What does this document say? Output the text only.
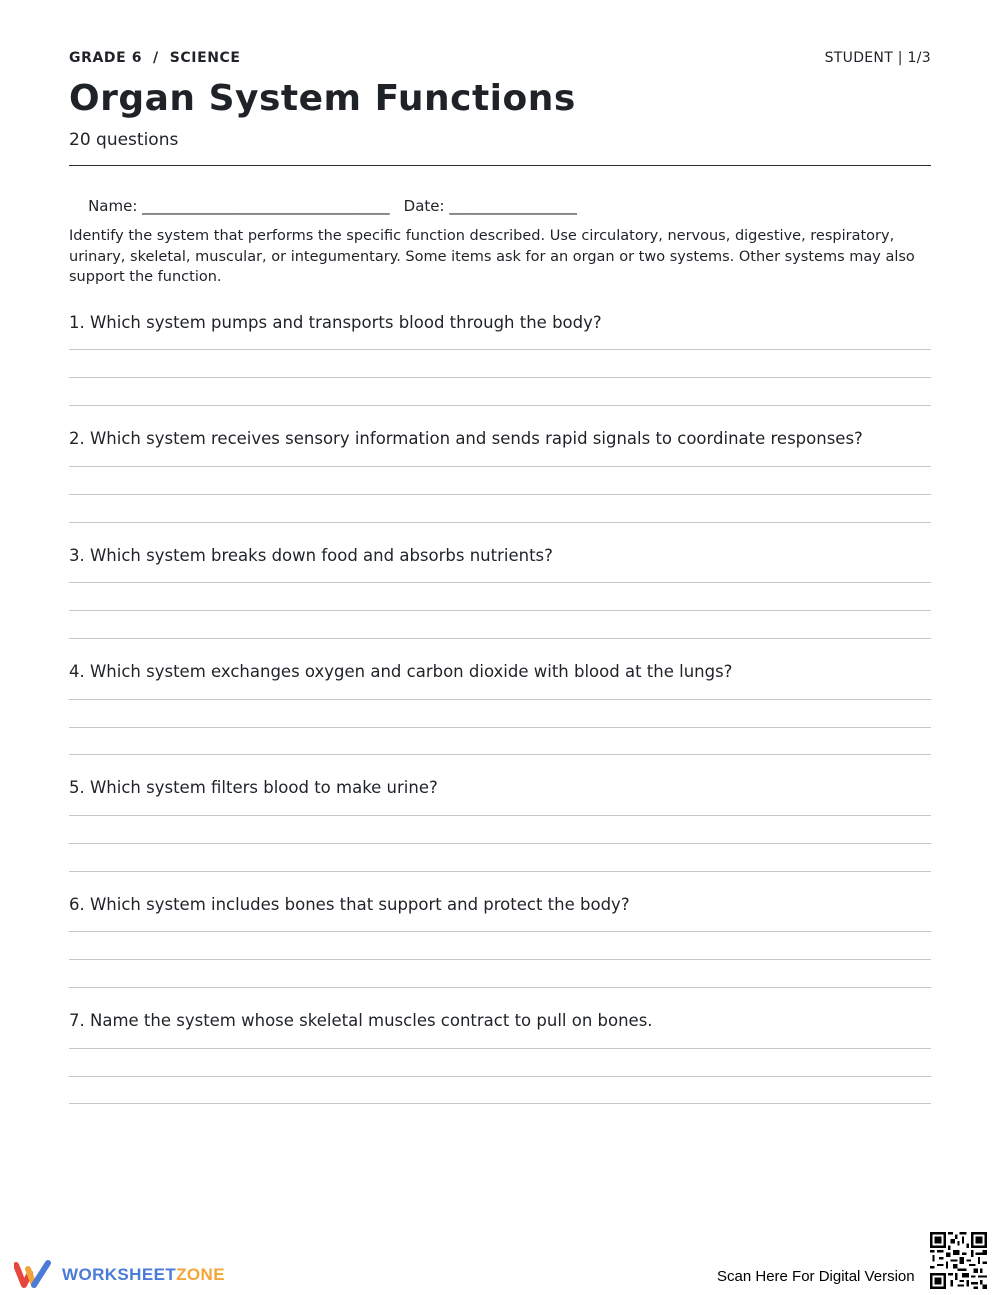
GRADE 6  /  SCIENCE	STUDENT | 1/3
Organ System Functions
20 questions

Name: _________________________________ Date: _________________

Identify the system that performs the specific function described. Use circulatory, nervous, digestive, respiratory, urinary, skeletal, muscular, or integumentary. Some items ask for an organ or two systems. Other systems may also support the function.
1. Which system pumps and transports blood through the body?
2. Which system receives sensory information and sends rapid signals to coordinate responses?
3. Which system breaks down food and absorbs nutrients?
4. Which system exchanges oxygen and carbon dioxide with blood at the lungs?
5. Which system filters blood to make urine?
6. Which system includes bones that support and protect the body?
7. Name the system whose skeletal muscles contract to pull on bones.
WORKSHEETZONE	Scan Here For Digital Version
